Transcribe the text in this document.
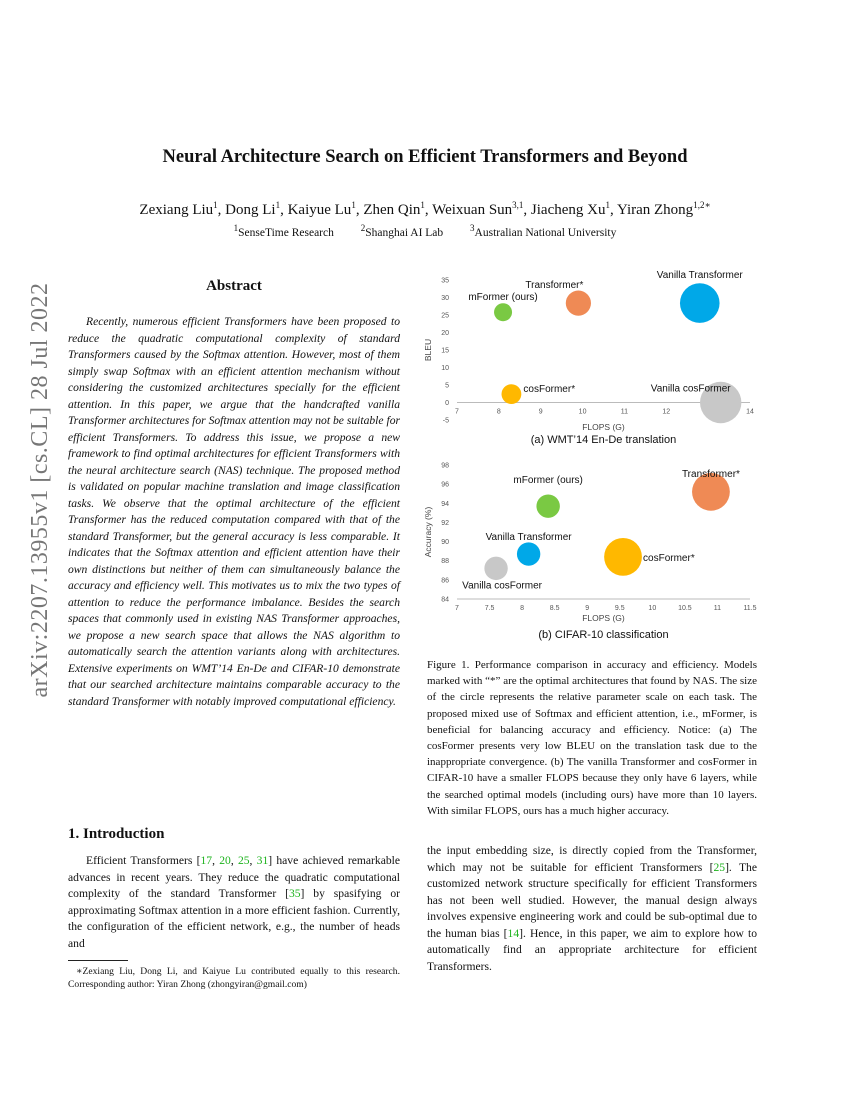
arXiv:2207.13955v1 [cs.CL] 28 Jul 2022
Neural Architecture Search on Efficient Transformers and Beyond
Zexiang Liu$^1$, Dong Li$^1$, Kaiyue Lu$^1$, Zhen Qin$^1$, Weixuan Sun$^{3,1}$, Jiacheng Xu$^1$, Yiran Zhong$^{1,2∗}$
$^1$SenseTime Research	$^2$Shanghai AI Lab	$^3$Australian National University
Abstract
Recently, numerous efficient Transformers have been proposed to reduce the quadratic computational complexity of standard Transformers caused by the Softmax attention. However, most of them simply swap Softmax with an efficient attention mechanism without considering the customized architectures specially for the efficient attention. In this paper, we argue that the handcrafted vanilla Transformer architectures for Softmax attention may not be suitable for efficient Transformers. To address this issue, we propose a new framework to find optimal architectures for efficient Transformers with the neural architecture search (NAS) technique. The proposed method is validated on popular machine translation and image classification tasks. We observe that the optimal architecture of the efficient Transformer has the reduced computation compared with that of the standard Transformer, but the general accuracy is less comparable. It indicates that the Softmax attention and efficient attention have their own distinctions but neither of them can simultaneously balance the accuracy and efficiency well. This motivates us to mix the two types of attention to reduce the performance imbalance. Besides the search spaces that commonly used in existing NAS Transformer approaches, we propose a new search space that allows the NAS algorithm to automatically search the attention variants along with architectures. Extensive experiments on WMT’14 En-De and CIFAR-10 demonstrate that our searched architecture maintains comparable accuracy to the standard Transformer with notably improved computational efficiency.
1. Introduction
Efficient Transformers [17, 20, 25, 31] have achieved remarkable advances in recent years. They reduce the quadratic computational complexity of the standard Transformer [35] by spasifying or approximating Softmax attention in a more efficient fashion. Currently, the configuration of the efficient network, e.g., the number of heads and
∗Zexiang Liu, Dong Li, and Kaiyue Lu contributed equally to this research. Corresponding author: Yiran Zhong (zhongyiran@gmail.com)
-5
0
5
10
15
20
25
30
35
7	8	9	10	11	12	14
FLOPS (G)
BLEU
mFormer (ours)
Transformer*
Vanilla Transformer
cosFormer*	Vanilla cosFormer
(a) WMT’14 En-De translation
84
86
88
90
92
94
96
98
7	7.5	8	8.5	9	9.5	10	10.5	11	11.5
FLOPS (G)
Accuracy (%)
mFormer (ours)
Transformer*
Vanilla Transformer
cosFormer*
Vanilla cosFormer
(b) CIFAR-10 classification
Figure 1. Performance comparison in accuracy and efficiency. Models marked with “*” are the optimal architectures that found by NAS. The size of the circle represents the relative parameter scale on each task. The proposed mixed use of Softmax and efficient attention, i.e., mFormer, is beneficial for balancing accuracy and efficiency. Notice: (a) The cosFormer presents very low BLEU on the translation task due to the inappropriate convergence. (b) The vanilla Transformer and cosFormer in CIFAR-10 have a smaller FLOPS because they only have 6 layers, while the searched optimal models (including ours) have more than 10 layers. With similar FLOPS, ours has a much higher accuracy.
the input embedding size, is directly copied from the Transformer, which may not be suitable for efficient Transformers [25]. The customized network structure specifically for efficient Transformers has not been well studied. However, the manual design always involves expensive engineering work and could be sub-optimal due to the human bias [14]. Hence, in this paper, we aim to explore how to automatically find an appropriate architecture for efficient Transformers.
